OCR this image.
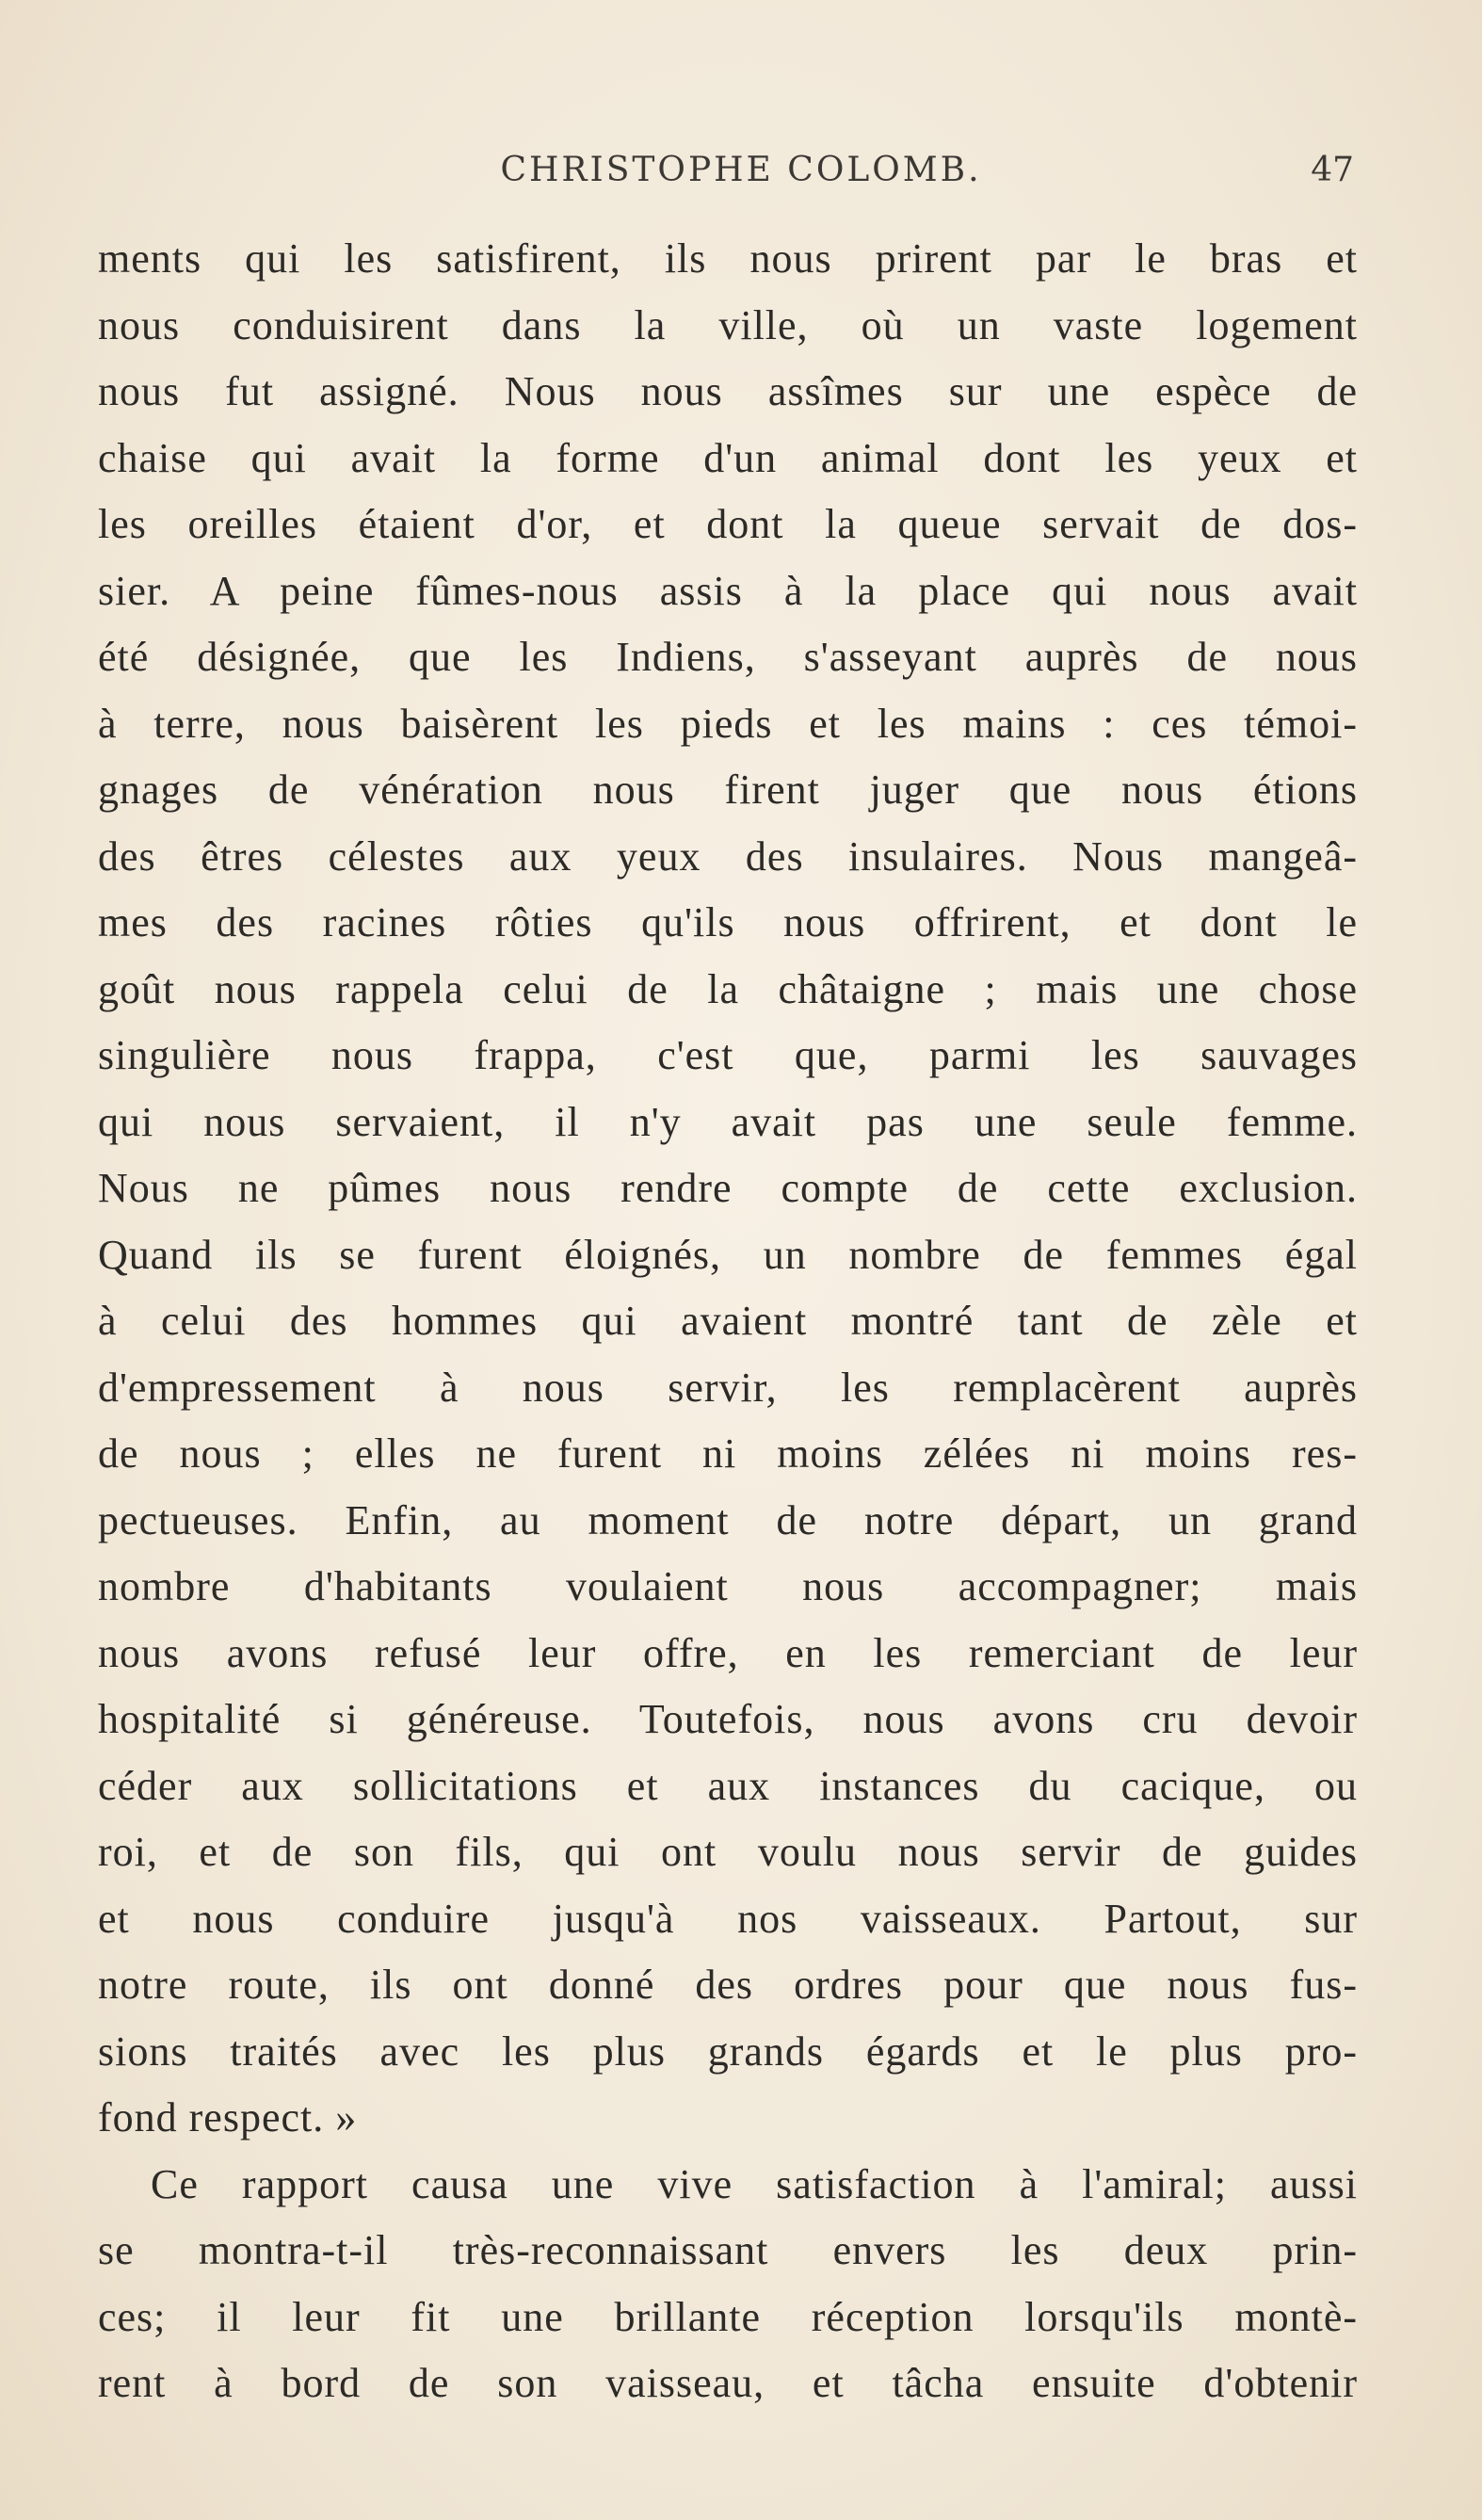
CHRISTOPHE COLOMB.	47
ments qui les satisfirent, ils nous prirent par le bras et
nous conduisirent dans la ville, où un vaste logement
nous fut assigné. Nous nous assîmes sur une espèce de
chaise qui avait la forme d'un animal dont les yeux et
les oreilles étaient d'or, et dont la queue servait de dos-
sier. A peine fûmes-nous assis à la place qui nous avait
été désignée, que les Indiens, s'asseyant auprès de nous
à terre, nous baisèrent les pieds et les mains : ces témoi-
gnages de vénération nous firent juger que nous étions
des êtres célestes aux yeux des insulaires. Nous mangeâ-
mes des racines rôties qu'ils nous offrirent, et dont le
goût nous rappela celui de la châtaigne ; mais une chose
singulière nous frappa, c'est que, parmi les sauvages
qui nous servaient, il n'y avait pas une seule femme.
Nous ne pûmes nous rendre compte de cette exclusion.
Quand ils se furent éloignés, un nombre de femmes égal
à celui des hommes qui avaient montré tant de zèle et
d'empressement à nous servir, les remplacèrent auprès
de nous ; elles ne furent ni moins zélées ni moins res-
pectueuses. Enfin, au moment de notre départ, un grand
nombre d'habitants voulaient nous accompagner; mais
nous avons refusé leur offre, en les remerciant de leur
hospitalité si généreuse. Toutefois, nous avons cru devoir
céder aux sollicitations et aux instances du cacique, ou
roi, et de son fils, qui ont voulu nous servir de guides
et nous conduire jusqu'à nos vaisseaux. Partout, sur
notre route, ils ont donné des ordres pour que nous fus-
sions traités avec les plus grands égards et le plus pro-
fond respect. »
Ce rapport causa une vive satisfaction à l'amiral; aussi
se montra-t-il très-reconnaissant envers les deux prin-
ces; il leur fit une brillante réception lorsqu'ils montè-
rent à bord de son vaisseau, et tâcha ensuite d'obtenir
